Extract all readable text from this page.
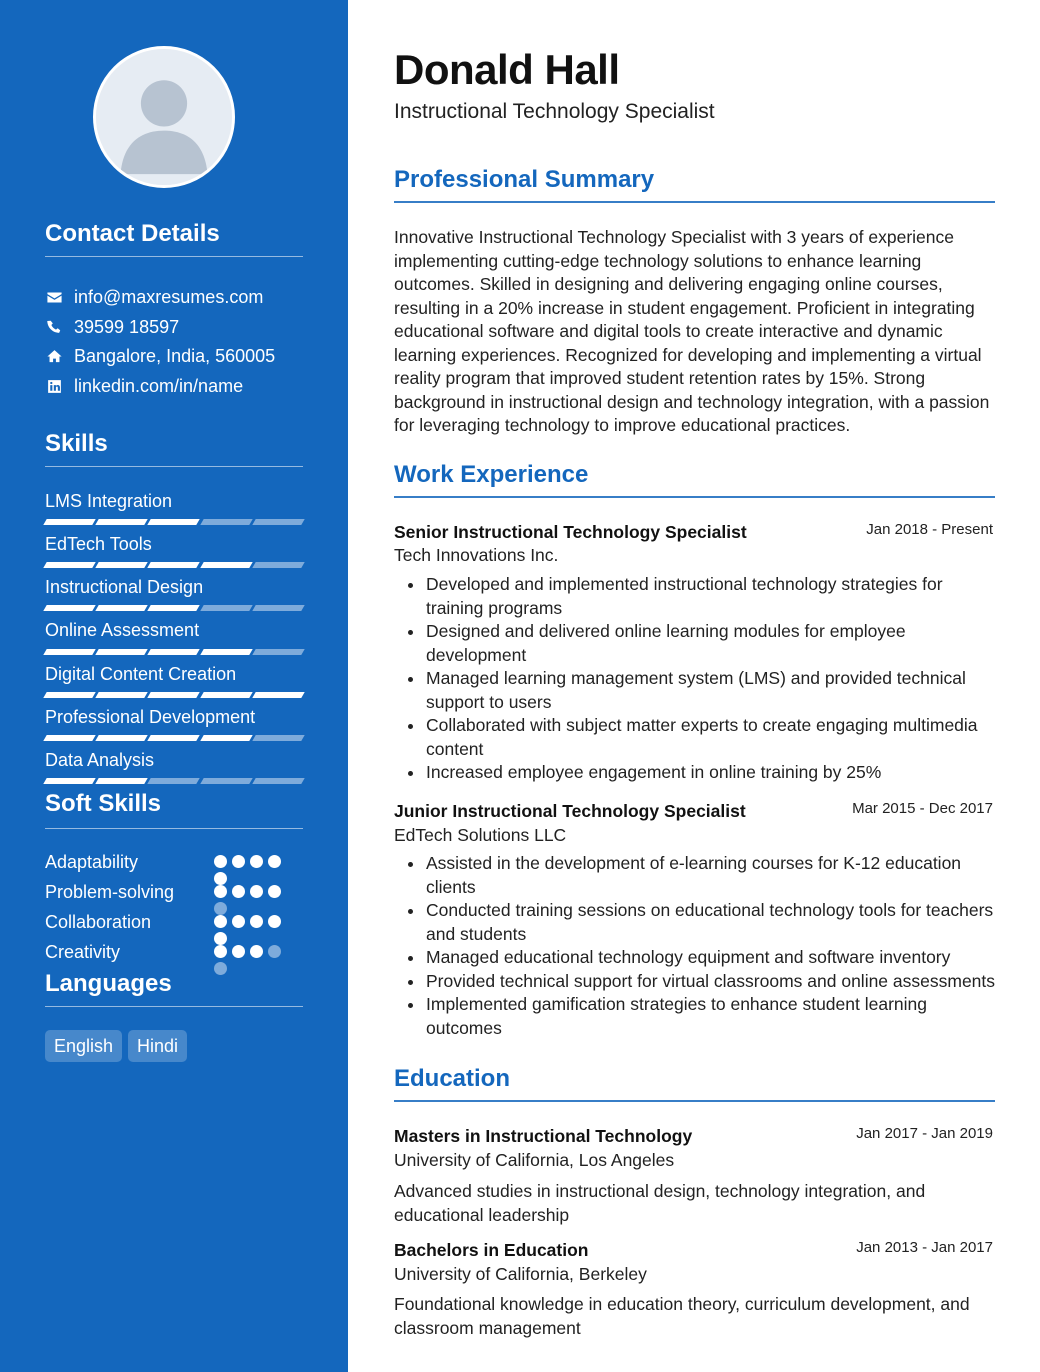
Contact Details
info@maxresumes.com
39599 18597
Bangalore, India, 560005
linkedin.com/in/name
Skills
LMS Integration
EdTech Tools
Instructional Design
Online Assessment
Digital Content Creation
Professional Development
Data Analysis
Soft Skills
Adaptability
Problem-solving
Collaboration
Creativity
Languages
English	Hindi
Donald Hall
Instructional Technology Specialist
Professional Summary
Innovative Instructional Technology Specialist with 3 years of experience implementing cutting-edge technology solutions to enhance learning outcomes. Skilled in designing and delivering engaging online courses, resulting in a 20% increase in student engagement. Proficient in integrating educational software and digital tools to create interactive and dynamic learning experiences. Recognized for developing and implementing a virtual reality program that improved student retention rates by 15%. Strong background in instructional design and technology integration, with a passion for leveraging technology to improve educational practices.
Work Experience
Senior Instructional Technology Specialist	Jan 2018 - Present
Tech Innovations Inc.
Developed and implemented instructional technology strategies for training programs
Designed and delivered online learning modules for employee development
Managed learning management system (LMS) and provided technical support to users
Collaborated with subject matter experts to create engaging multimedia content
Increased employee engagement in online training by 25%
Junior Instructional Technology Specialist	Mar 2015 - Dec 2017
EdTech Solutions LLC
Assisted in the development of e-learning courses for K-12 education clients
Conducted training sessions on educational technology tools for teachers and students
Managed educational technology equipment and software inventory
Provided technical support for virtual classrooms and online assessments
Implemented gamification strategies to enhance student learning outcomes
Education
Masters in Instructional Technology	Jan 2017 - Jan 2019
University of California, Los Angeles
Advanced studies in instructional design, technology integration, and educational leadership
Bachelors in Education	Jan 2013 - Jan 2017
University of California, Berkeley
Foundational knowledge in education theory, curriculum development, and classroom management
